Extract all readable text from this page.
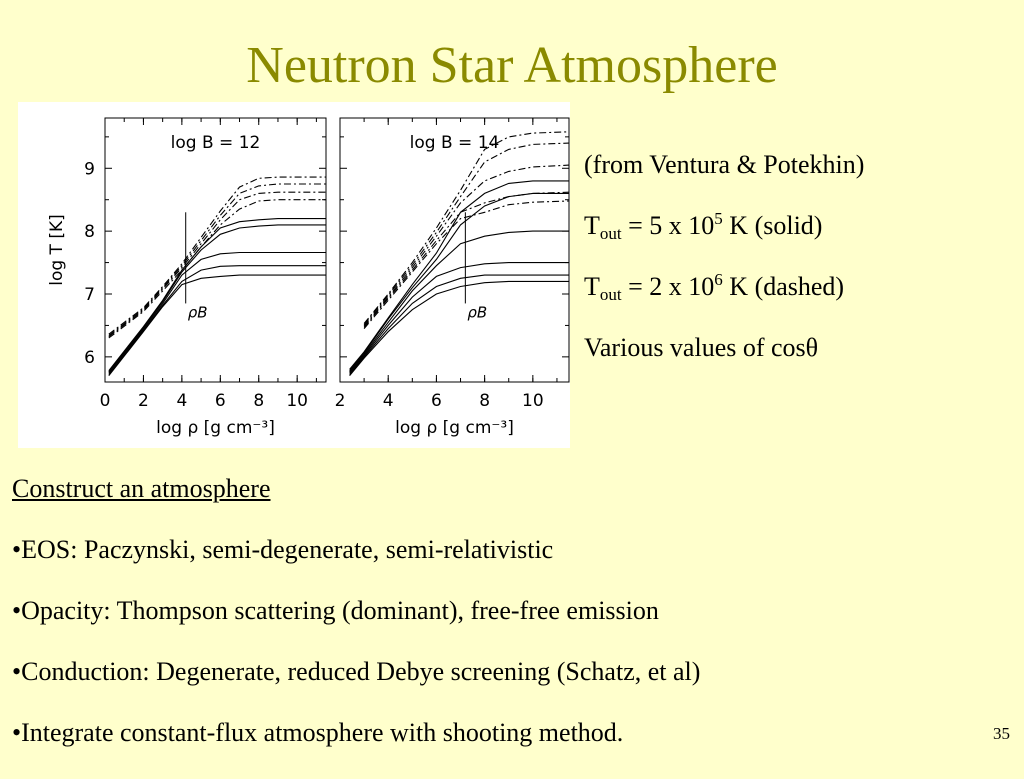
Neutron Star Atmosphere
0 2 4 6 8 10
6
7
8
9
log B = 12
log ρ [g cm⁻³]
log T [K]
ρB
2 4 6 8 10
log B = 14
log ρ [g cm⁻³]
ρB

(from Ventura & Potekhin)

$T_{out} = 5$ x $10^5$ K (solid)

$T_{out} = 2$ x $10^6$ K (dashed)

Various values of cosθ

Construct an atmosphere

•EOS: Paczynski, semi-degenerate, semi-relativistic

•Opacity: Thompson scattering (dominant), free-free emission

•Conduction: Degenerate, reduced Debye screening (Schatz, et al)

•Integrate constant-flux atmosphere with shooting method.	35
